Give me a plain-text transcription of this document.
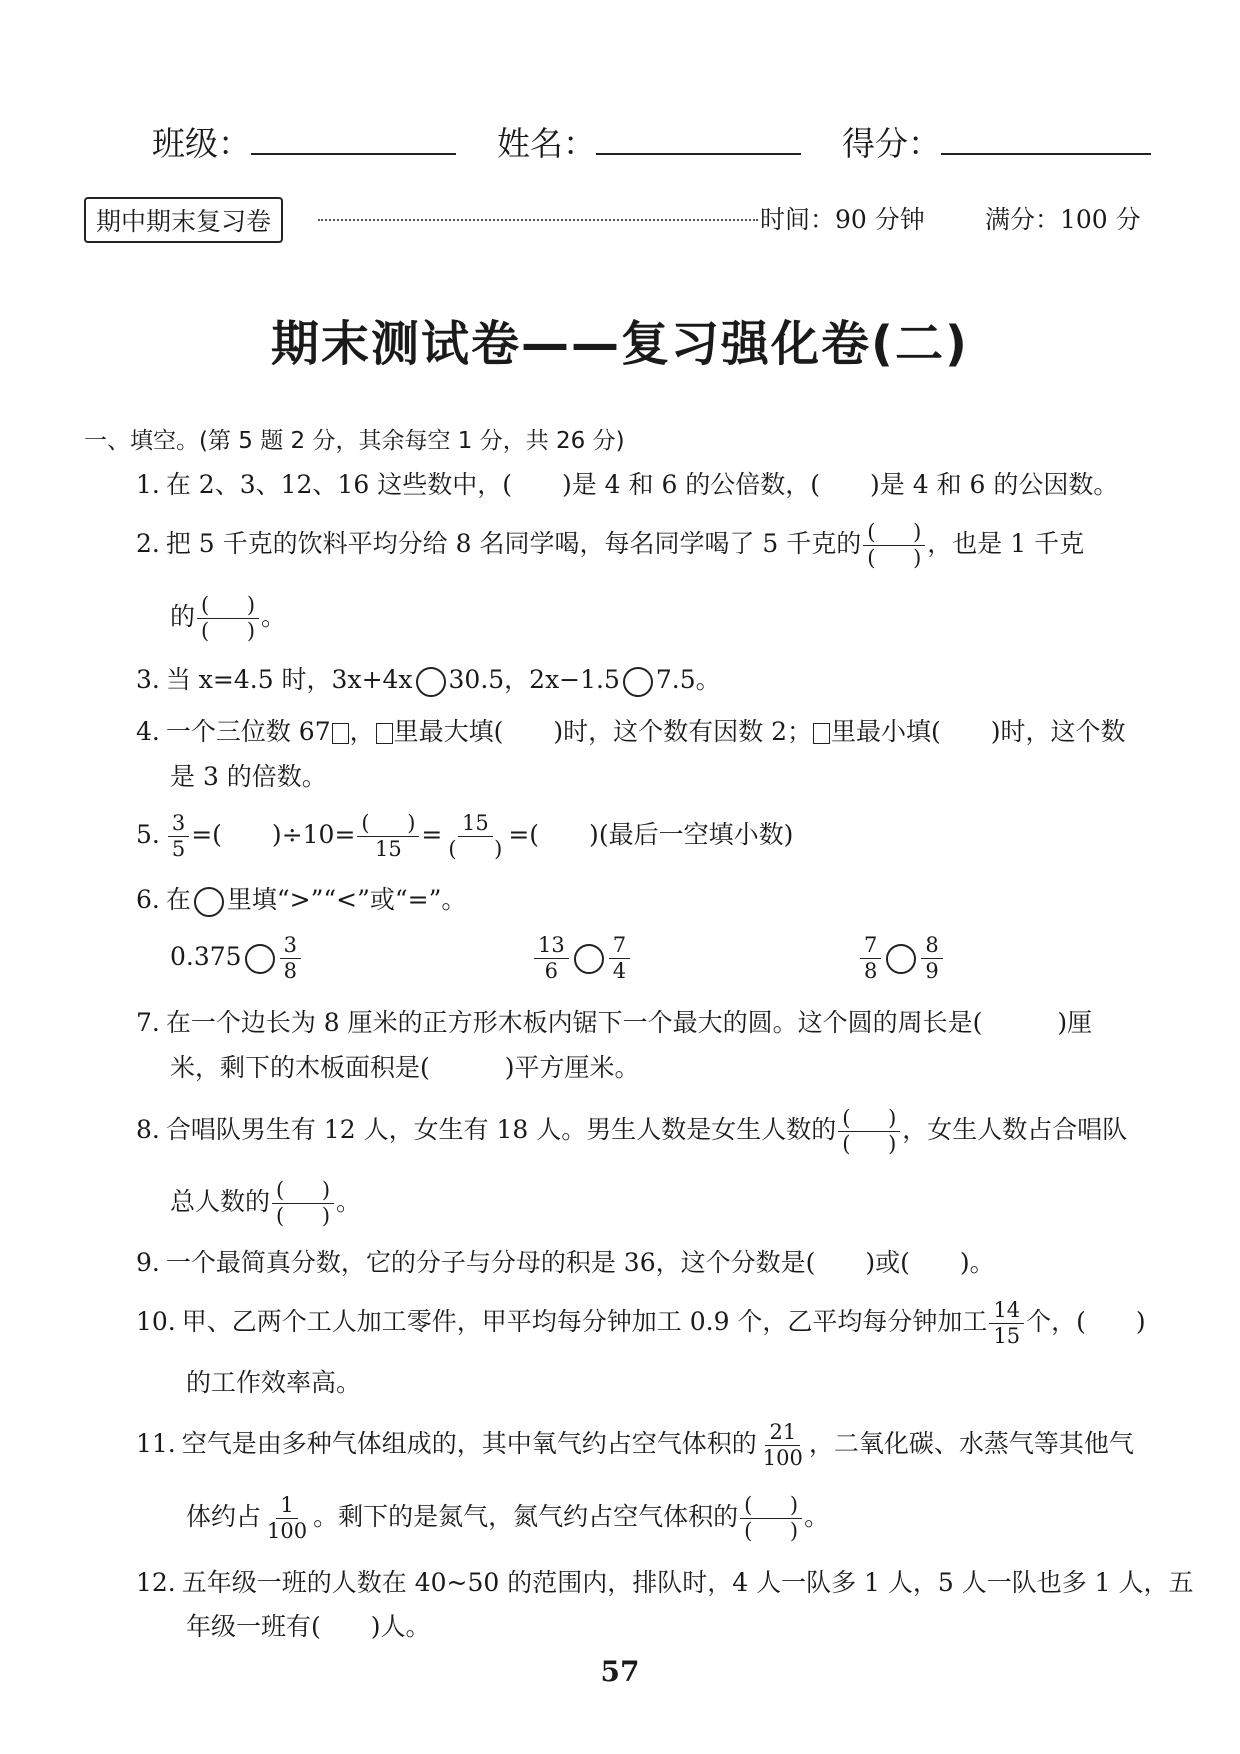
班级：	姓名：	得分：
期中期末复习卷	时间：90 分钟 满分：100 分
期末测试卷——复习强化卷(二)
一、填空。(第 5 题 2 分，其余每空 1 分，共 26 分)
1. 在 2、3、12、16 这些数中，(　　)是 4 和 6 的公倍数，(　　)是 4 和 6 的公因数。
2. 把 5 千克的饮料平均分给 8 名同学喝，每名同学喝了 5 千克的 $\frac{( )}{( )}$ ，也是 1 千克
的 $\frac{( )}{( )}$ 。
3. 当 x=4.5 时，3x+4x 30.5，2x−1.5 7.5。
4. 一个三位数 67 ， 里最大填(　　)时，这个数有因数 2； 里最小填(　　)时，这个数
是 3 的倍数。
5. $\frac{3}{5}$ =(　　)$\div 10= \frac{( )}{15} = \frac{15}{( )}$ =(　　)(最后一空填小数)
6. 在 里填“>”“<”或“=”。
$0.375 \frac{3}{8}$	$\frac{13}{6} \frac{7}{4}$	$\frac{7}{8} \frac{8}{9}$
7. 在一个边长为 8 厘米的正方形木板内锯下一个最大的圆。这个圆的周长是(　　　)厘
米，剩下的木板面积是(　　　)平方厘米。
8. 合唱队男生有 12 人，女生有 18 人。男生人数是女生人数的 $\frac{( )}{( )}$ ，女生人数占合唱队
总人数的 $\frac{( )}{( )}$ 。
9. 一个最简真分数，它的分子与分母的积是 36，这个分数是(　　)或(　　)。
10. 甲、乙两个工人加工零件，甲平均每分钟加工 0.9 个，乙平均每分钟加工 $\frac{14}{15}$ 个，(　　)
的工作效率高。
11. 空气是由多种气体组成的，其中氧气约占空气体积的 $\frac{21}{100}$ ，二氧化碳、水蒸气等其他气
体约占 $\frac{1}{100}$ 。剩下的是氮气，氮气约占空气体积的 $\frac{( )}{( )}$ 。
12. 五年级一班的人数在 40~50 的范围内，排队时，4 人一队多 1 人，5 人一队也多 1 人，五
年级一班有(　　)人。
57
